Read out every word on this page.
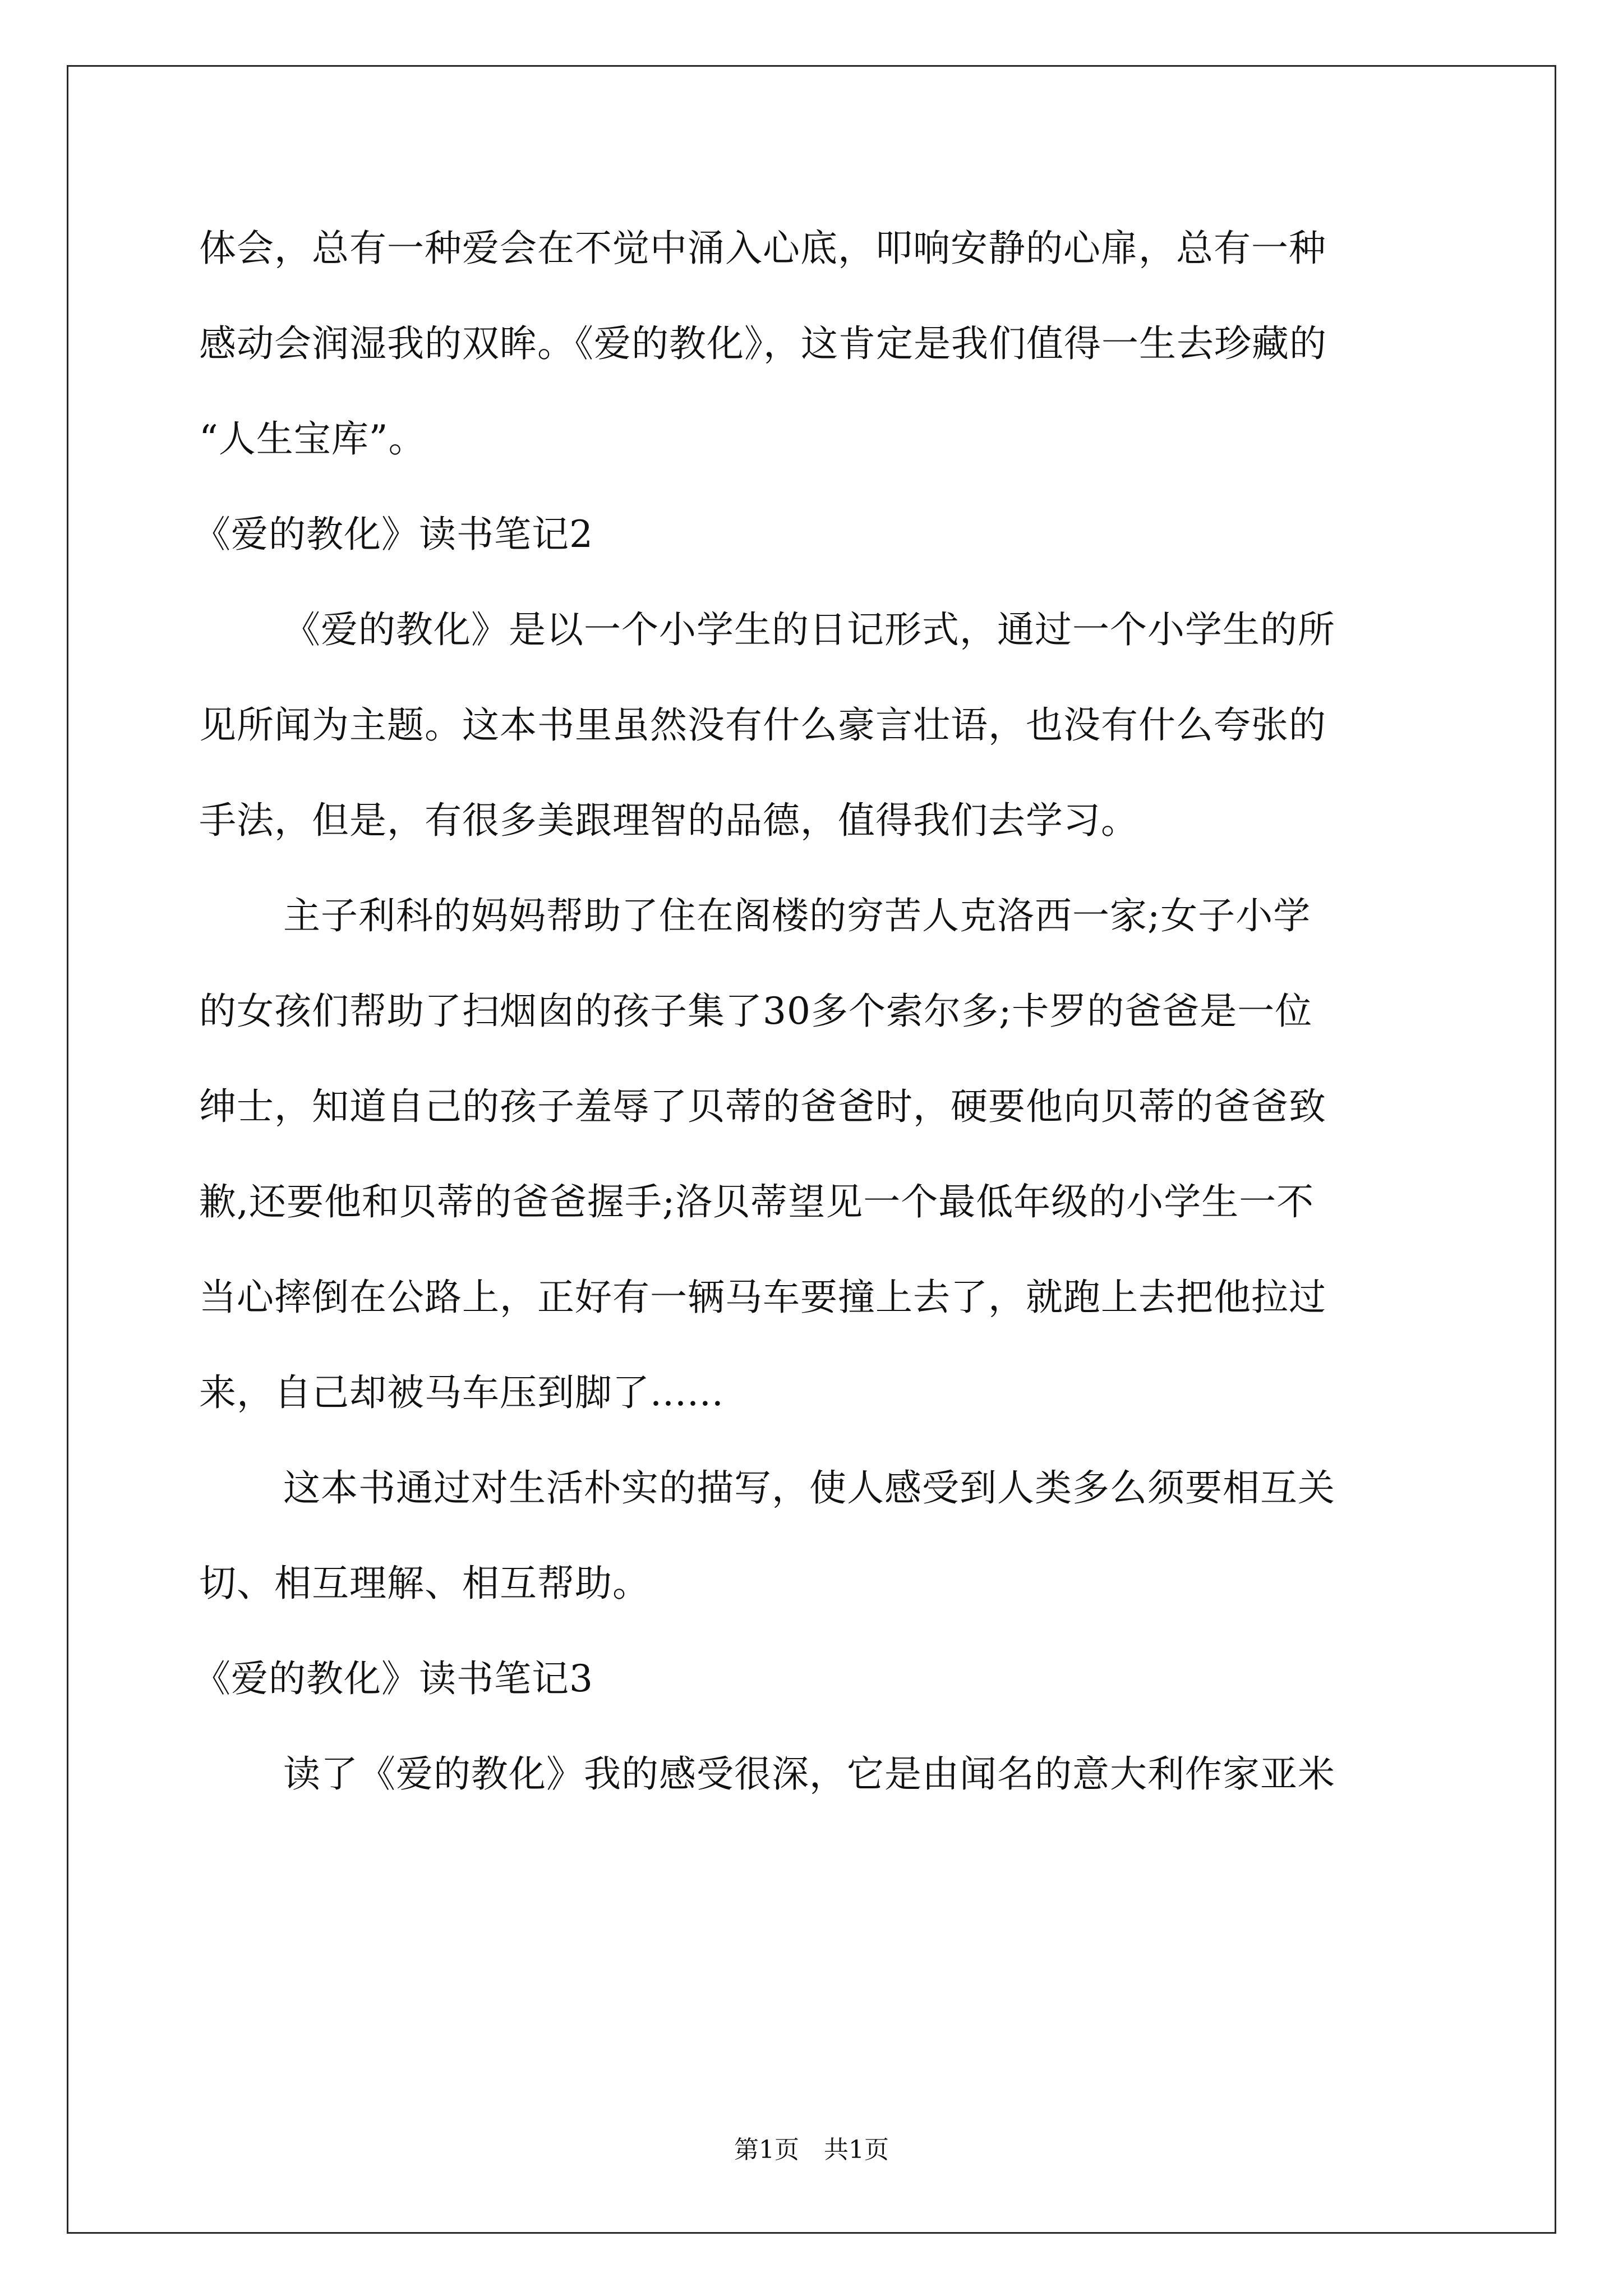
体会，总有一种爱会在不觉中涌入心底，叩响安静的心扉，总有一种
感动会润湿我的双眸。《爱的教化》，这肯定是我们值得一生去珍藏的
“人生宝库”。
《爱的教化》读书笔记2
《爱的教化》是以一个小学生的日记形式，通过一个小学生的所
见所闻为主题。这本书里虽然没有什么豪言壮语，也没有什么夸张的
手法，但是，有很多美跟理智的品德，值得我们去学习。
主子利科的妈妈帮助了住在阁楼的穷苦人克洛西一家;女子小学
的女孩们帮助了扫烟囱的孩子集了30多个索尔多;卡罗的爸爸是一位
绅士，知道自己的孩子羞辱了贝蒂的爸爸时，硬要他向贝蒂的爸爸致
歉,还要他和贝蒂的爸爸握手;洛贝蒂望见一个最低年级的小学生一不
当心摔倒在公路上，正好有一辆马车要撞上去了，就跑上去把他拉过
来，自己却被马车压到脚了......
这本书通过对生活朴实的描写，使人感受到人类多么须要相互关
切、相互理解、相互帮助。
《爱的教化》读书笔记3
读了《爱的教化》我的感受很深，它是由闻名的意大利作家亚米
第1页　共1页
